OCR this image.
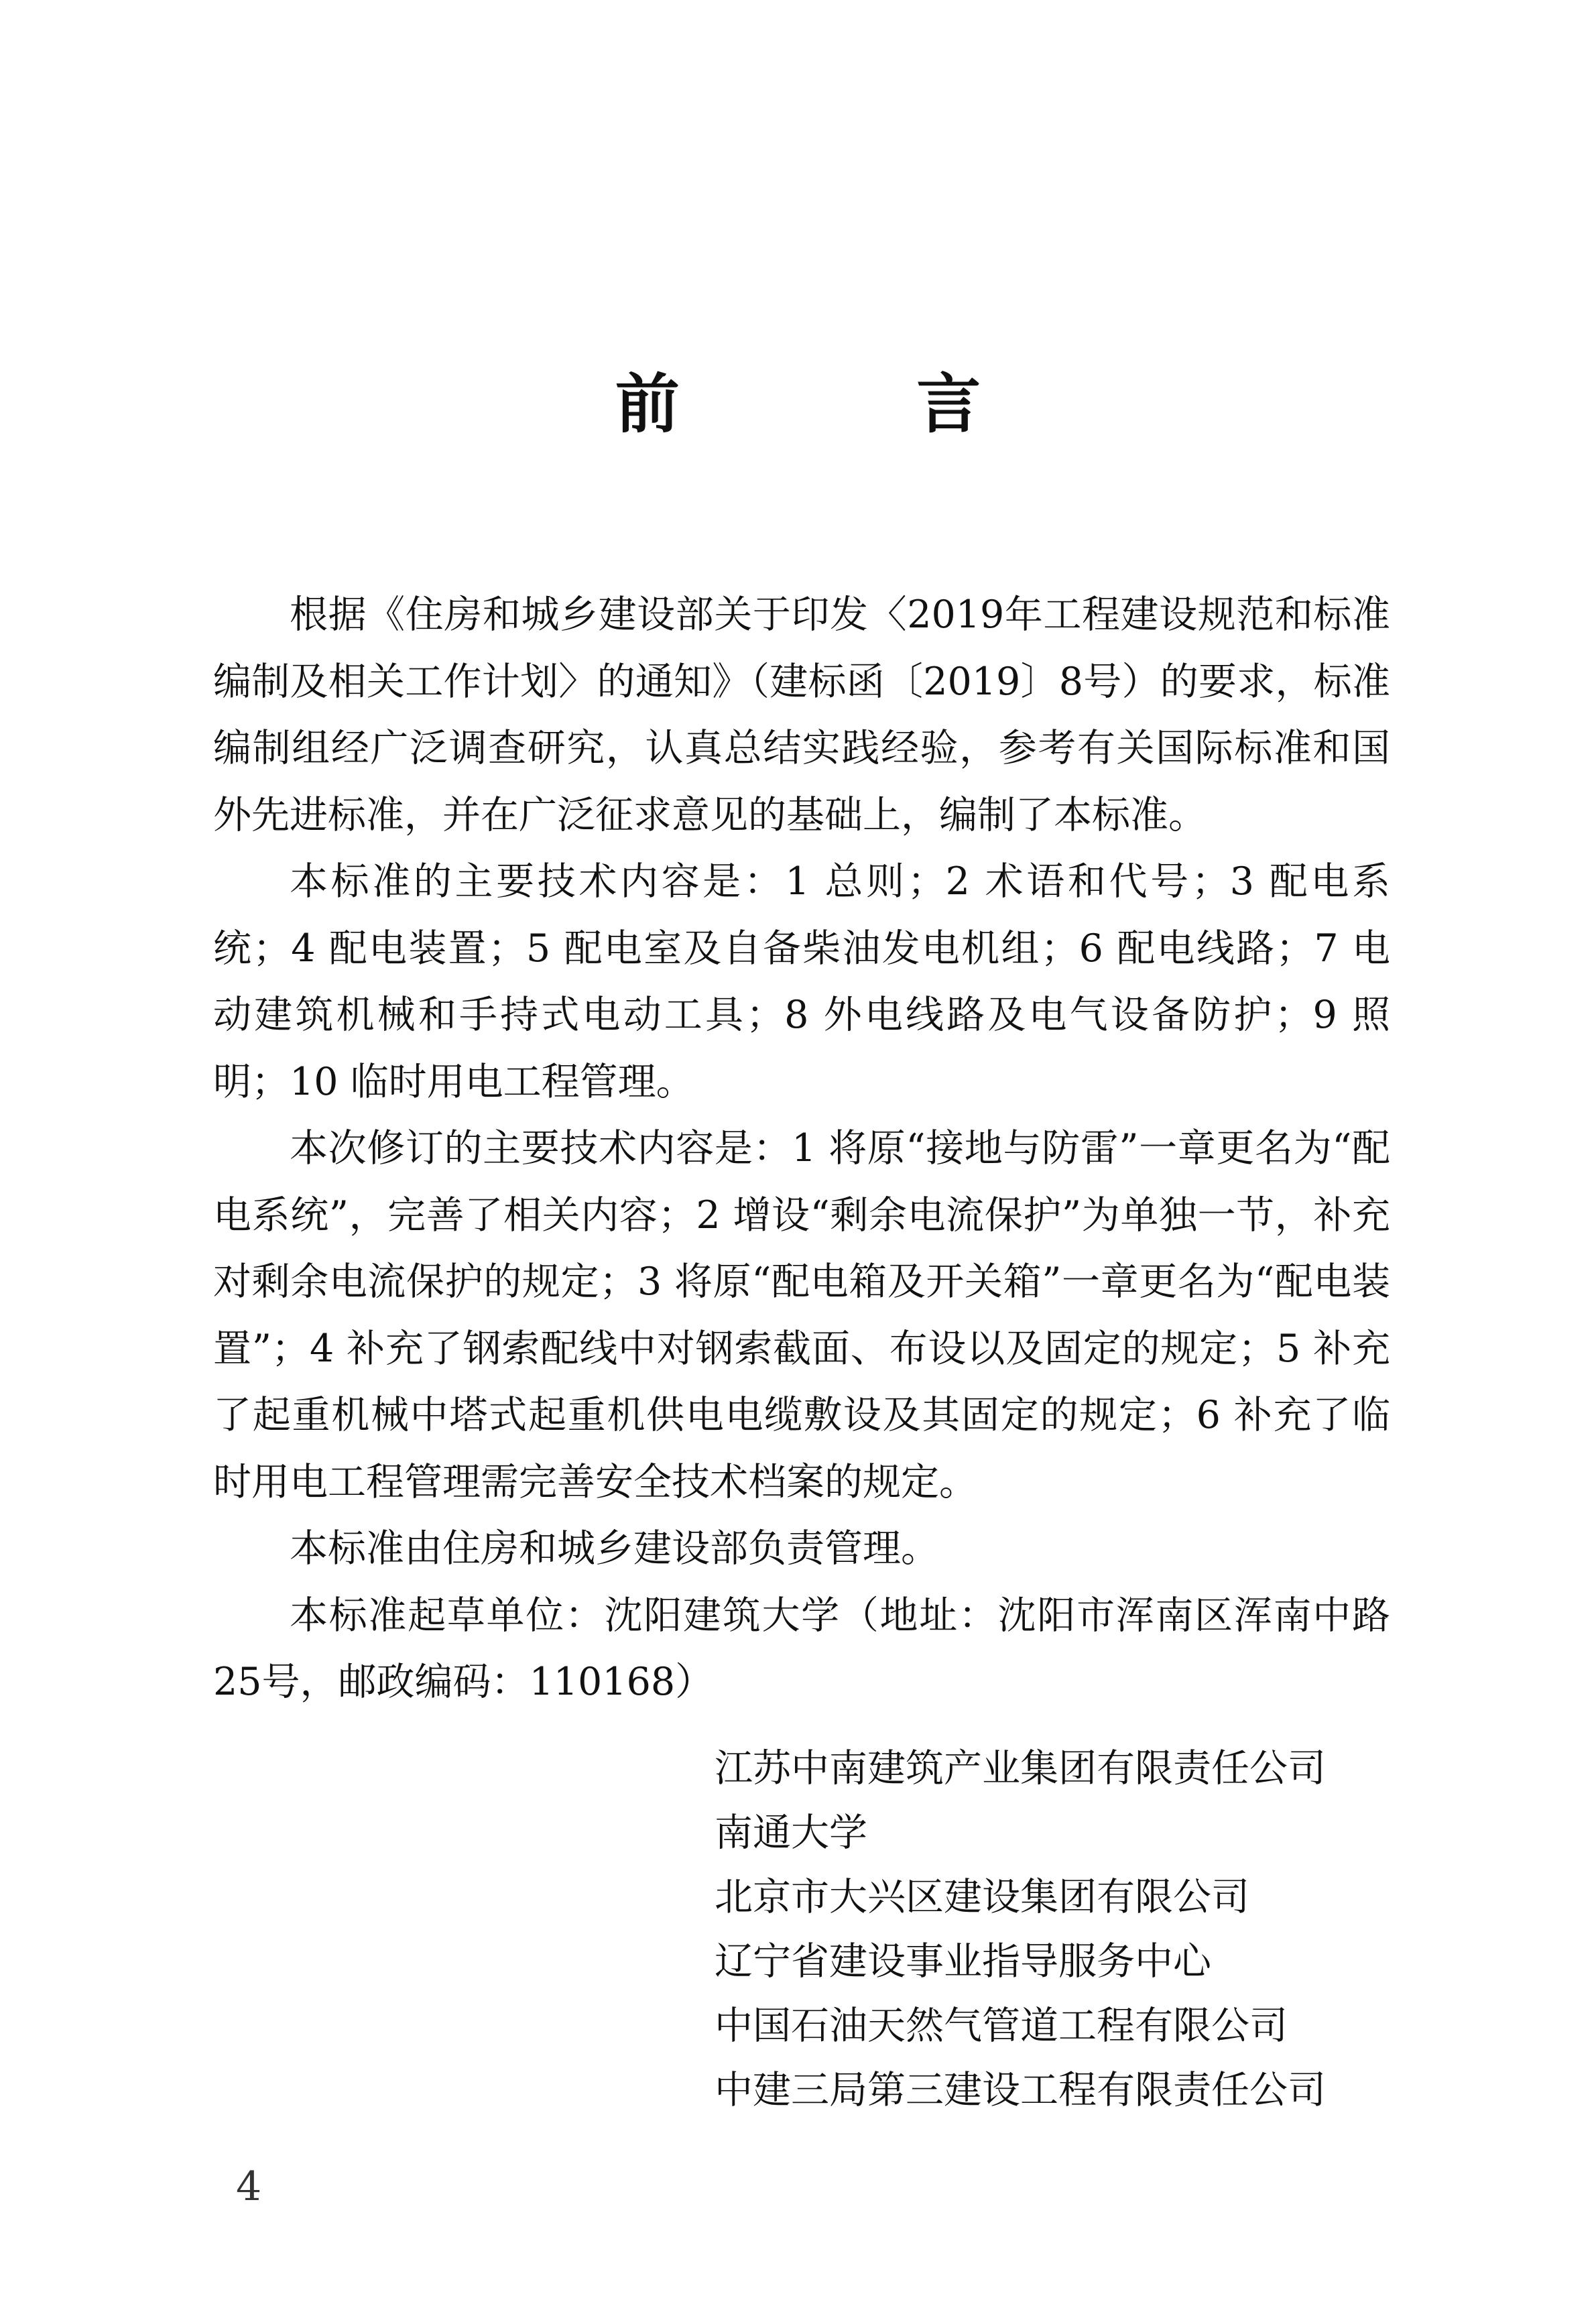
前 言

根据《住房和城乡建设部关于印发〈2019年工程建设规范和标准编制及相关工作计划〉的通知》（建标函〔2019〕8号）的要求，标准编制组经广泛调查研究，认真总结实践经验，参考有关国际标准和国外先进标准，并在广泛征求意见的基础上，编制了本标准。

本标准的主要技术内容是：1 总则；2 术语和代号；3 配电系统；4 配电装置；5 配电室及自备柴油发电机组；6 配电线路；7 电动建筑机械和手持式电动工具；8 外电线路及电气设备防护；9 照明；10 临时用电工程管理。

本次修订的主要技术内容是：1 将原“接地与防雷”一章更名为“配电系统”，完善了相关内容；2 增设“剩余电流保护”为单独一节，补充对剩余电流保护的规定；3 将原“配电箱及开关箱”一章更名为“配电装置”；4 补充了钢索配线中对钢索截面、布设以及固定的规定；5 补充了起重机械中塔式起重机供电电缆敷设及其固定的规定；6 补充了临时用电工程管理需完善安全技术档案的规定。

本标准由住房和城乡建设部负责管理。

本标准起草单位：沈阳建筑大学（地址：沈阳市浑南区浑南中路25号，邮政编码：110168）

江苏中南建筑产业集团有限责任公司

南通大学

北京市大兴区建设集团有限公司

辽宁省建设事业指导服务中心

中国石油天然气管道工程有限公司

中建三局第三建设工程有限责任公司

4
